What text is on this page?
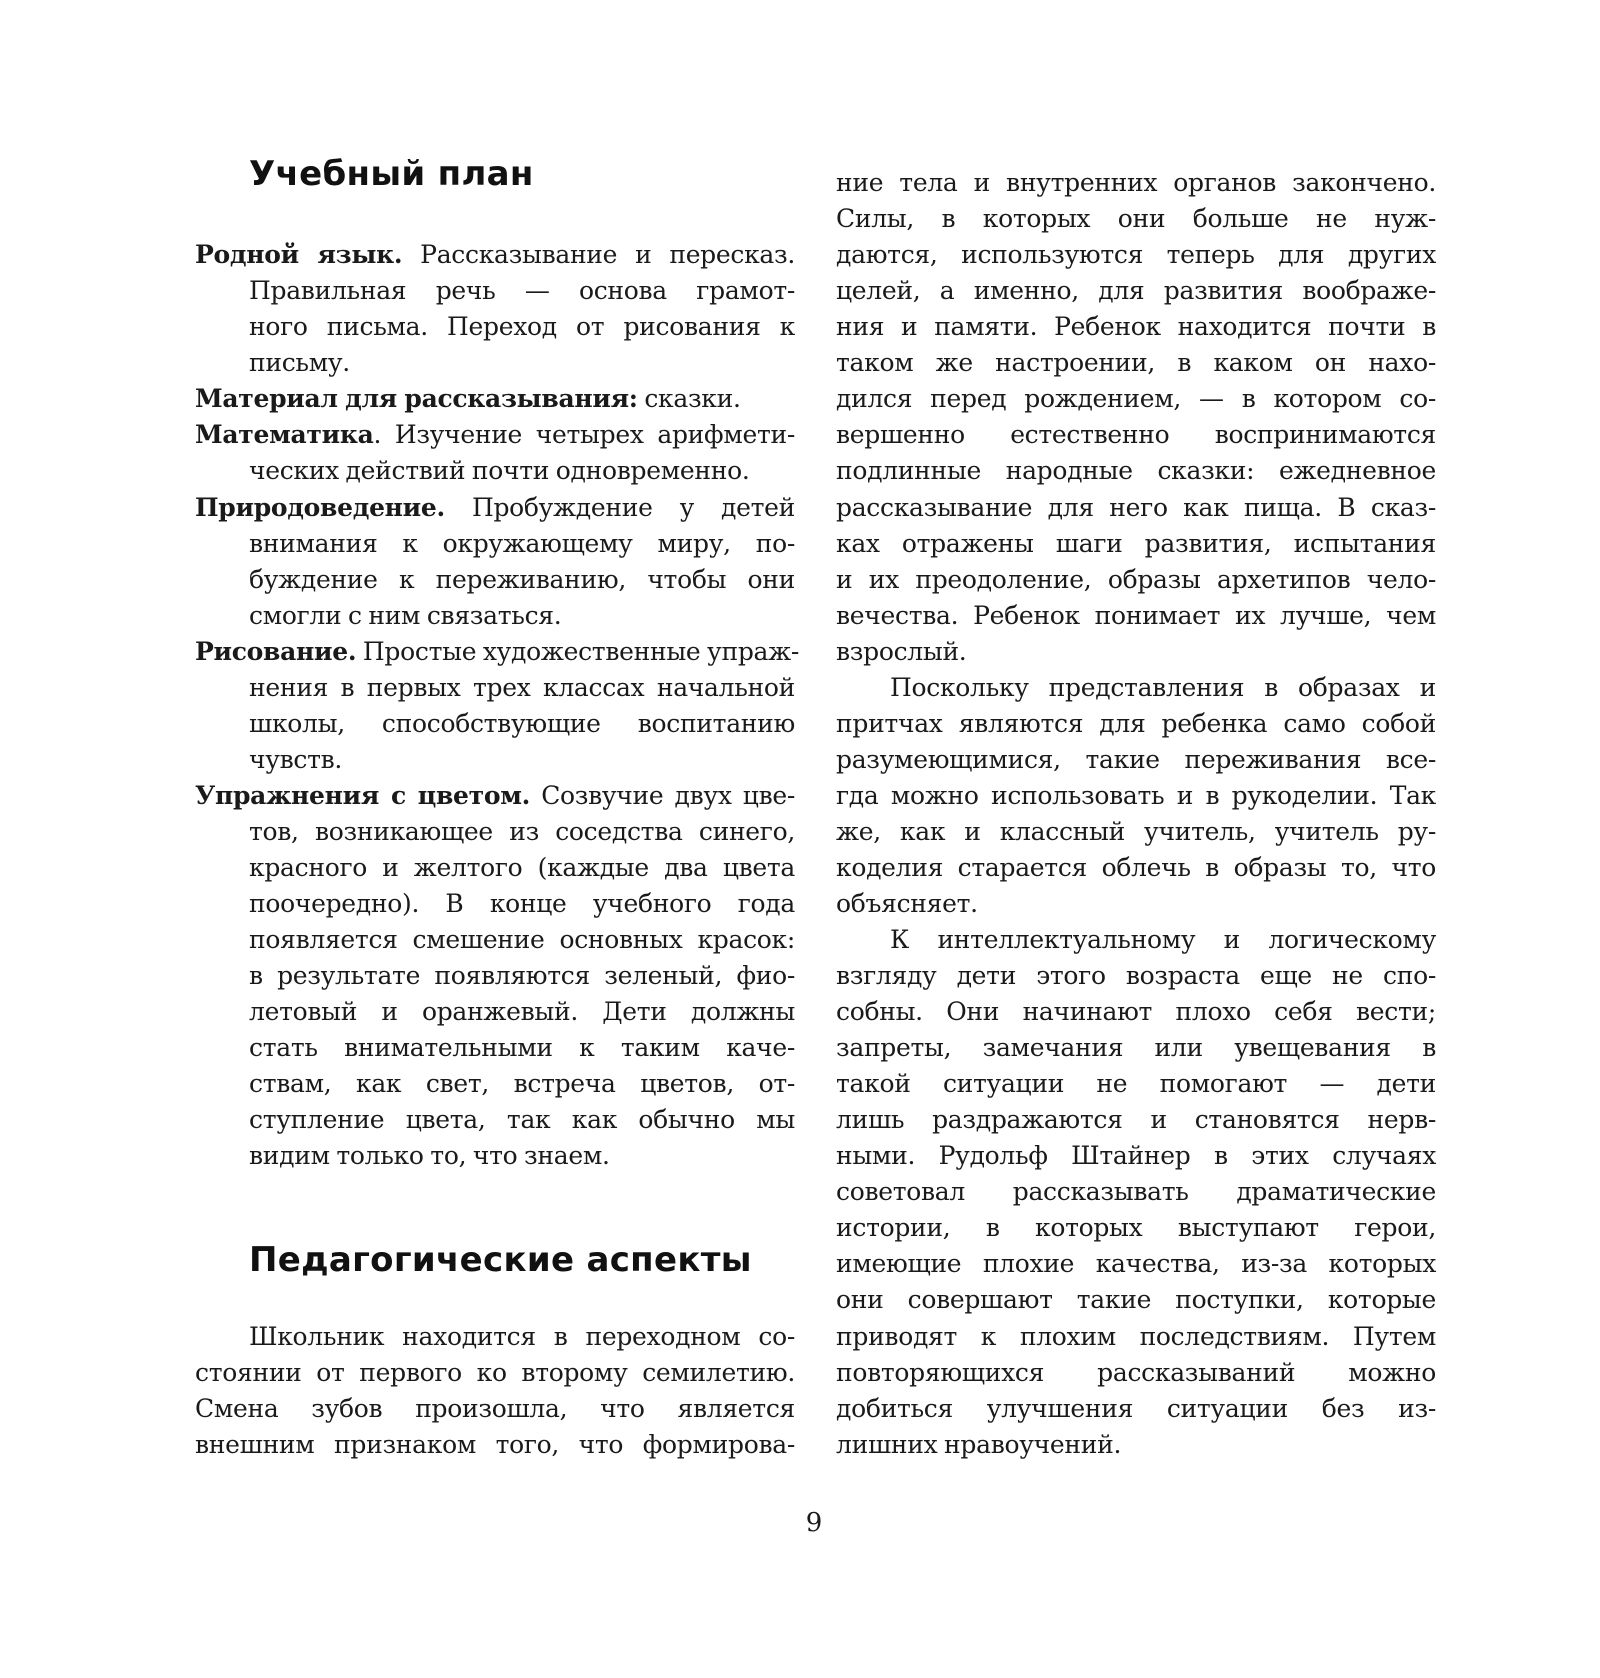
Учебный план
Родной язык. Рассказывание и пересказ.
Правильная речь — основа грамот-
ного письма. Переход от рисования к
письму.
Материал для рассказывания: сказки.
Математика. Изучение четырех арифмети-
ческих действий почти одновременно.
Природоведение. Пробуждение у детей
внимания к окружающему миру, по-
буждение к переживанию, чтобы они
смогли с ним связаться.
Рисование. Простые художественные упраж-
нения в первых трех классах начальной
школы, способствующие воспитанию
чувств.
Упражнения с цветом. Созвучие двух цве-
тов, возникающее из соседства синего,
красного и желтого (каждые два цвета
поочередно). В конце учебного года
появляется смешение основных красок:
в результате появляются зеленый, фио-
летовый и оранжевый. Дети должны
стать внимательными к таким каче-
ствам, как свет, встреча цветов, от-
ступление цвета, так как обычно мы
видим только то, что знаем.
Педагогические аспекты
Школьник находится в переходном со-
стоянии от первого ко второму семилетию.
Смена зубов произошла, что является
внешним признаком того, что формирова-
ние тела и внутренних органов закончено.
Силы, в которых они больше не нуж-
даются, используются теперь для других
целей, а именно, для развития воображе-
ния и памяти. Ребенок находится почти в
таком же настроении, в каком он нахо-
дился перед рождением, — в котором со-
вершенно естественно воспринимаются
подлинные народные сказки: ежедневное
рассказывание для него как пища. В сказ-
ках отражены шаги развития, испытания
и их преодоление, образы архетипов чело-
вечества. Ребенок понимает их лучше, чем
взрослый.
Поскольку представления в образах и
притчах являются для ребенка само собой
разумеющимися, такие переживания все-
гда можно использовать и в рукоделии. Так
же, как и классный учитель, учитель ру-
коделия старается облечь в образы то, что
объясняет.
К интеллектуальному и логическому
взгляду дети этого возраста еще не спо-
собны. Они начинают плохо себя вести;
запреты, замечания или увещевания в
такой ситуации не помогают — дети
лишь раздражаются и становятся нерв-
ными. Рудольф Штайнер в этих случаях
советовал рассказывать драматические
истории, в которых выступают герои,
имеющие плохие качества, из-за которых
они совершают такие поступки, которые
приводят к плохим последствиям. Путем
повторяющихся рассказываний можно
добиться улучшения ситуации без из-
лишних нравоучений.
9
